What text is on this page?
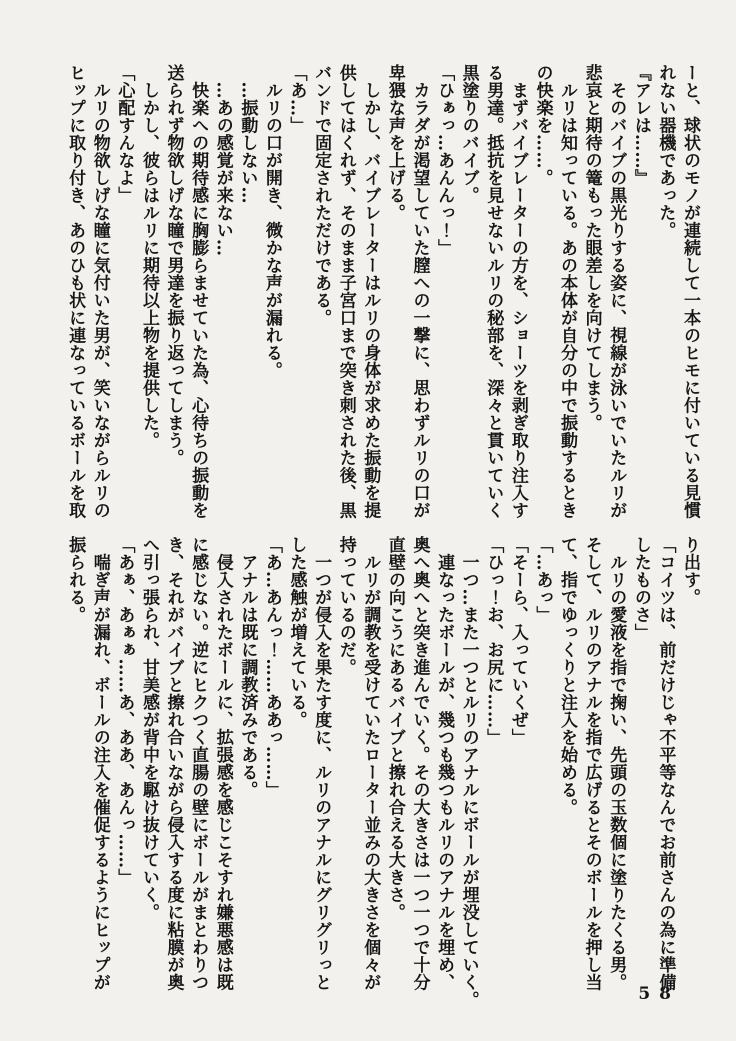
ーと、球状のモノが連続して一本のヒモに付いている見慣

れない器機であった。

『アレは……』

　そのバイブの黒光りする姿に、視線が泳いでいたルリが

悲哀と期待の篭もった眼差しを向けてしまう。

　ルリは知っている。あの本体が自分の中で振動するとき

の快楽を……。

　まずバイブレーターの方を、ショーツを剥ぎ取り注入す

る男達。抵抗を見せないルリの秘部を、深々と貫いていく

黒塗りのバイブ。

「ひぁっ…あんんっ！」

　カラダが渇望していた膣への一撃に、思わずルリの口が

卑猥な声を上げる。

　しかし、バイブレーターはルリの身体が求めた振動を提

供してはくれず、そのまま子宮口まで突き刺された後、黒

バンドで固定されただけである。

「あ…」

　ルリの口が開き、微かな声が漏れる。

　…振動しない…

　…あの感覚が来ない…

　快楽への期待感に胸膨らませていた為、心待ちの振動を

送られず物欲しげな瞳で男達を振り返ってしまう。

　しかし、彼らはルリに期待以上物を提供した。

「心配すんなよ」

　ルリの物欲しげな瞳に気付いた男が、笑いながらルリの

ヒップに取り付き、あのひも状に連なっているボールを取

り出す。

「コイツは、前だけじゃ不平等なんでお前さんの為に準備

したものさ」

　ルリの愛液を指で掬い、先頭の玉数個に塗りたくる男。

そして、ルリのアナルを指で広げるとそのボールを押し当

て、指でゆっくりと注入を始める。

「…あっ」

「そーら、入っていくぜ」

「ひっ！お、お尻に……」

　一つ…また一つとルリのアナルにボールが埋没していく。

　連なったボールが、幾つも幾つもルリのアナルを埋め、

奥へ奥へと突き進んでいく。その大きさは一つ一つで十分

直壁の向こうにあるバイブと擦れ合える大きさ。

　ルリが調教を受けていたローター並みの大きさを個々が

持っているのだ。

　一つが侵入を果たす度に、ルリのアナルにグリグリっと

した感触が増えている。

「あ…あんっ！……ああっ……」

　アナルは既に調教済みである。

　侵入されたボールに、拡張感を感じこそすれ嫌悪感は既

に感じない。逆にヒクつく直腸の壁にボールがまとわりつ

き、それがバイブと擦れ合いながら侵入する度に粘膜が奥

へ引っ張られ、甘美感が背中を駆け抜けていく。

「あぁ、あぁぁ……あ、ああ、あんっ……」

　喘ぎ声が漏れ、ボールの注入を催促するようにヒップが

振られる。

58
